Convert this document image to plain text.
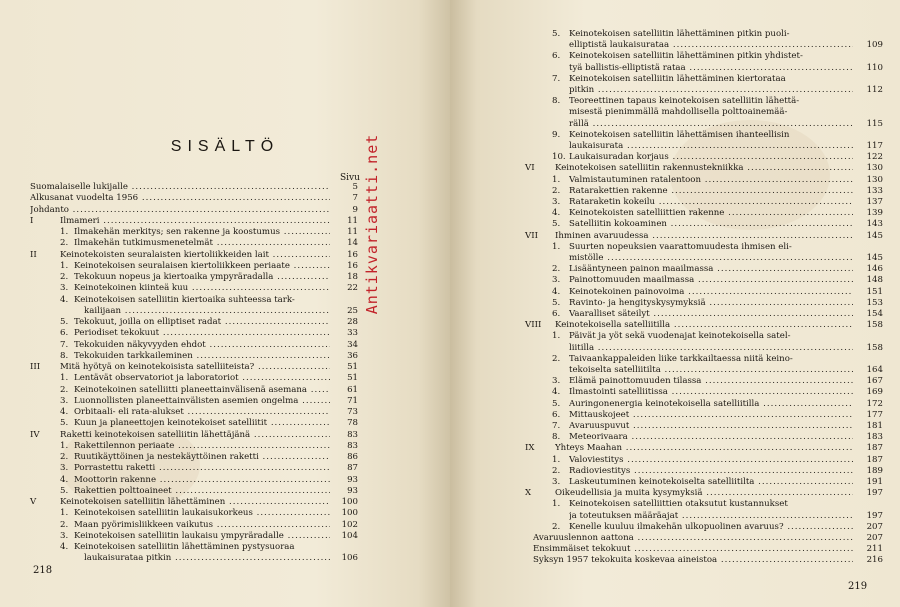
SISÄLTÖ
Sivu
Suomalaiselle lukijalle .....	5
Alkusanat vuodelta 1956 .....	7
Johdanto .....	9
I	Ilmameri .....	11
1. Ilmakehän merkitys; sen rakenne ja koostumus .....	11
2. Ilmakehän tutkimusmenetelmät .....	14
II	Keinotekoisten seuralaisten kiertoliikkeiden lait .....	16
1. Keinotekoisen seuralaisen kiertoliikkeen periaate .....	16
2. Tekokuun nopeus ja kiertoaika ympyräradalla .....	18
3. Keinotekoinen kiinteä kuu .....	22
4. Keinotekoisen satelliitin kiertoaika suhteessa tark-
kailijaan .....	25
5. Tekokuut, joilla on elliptiset radat .....	28
6. Periodiset tekokuut .....	33
7. Tekokuiden näkyvyyden ehdot .....	34
8. Tekokuiden tarkkaileminen .....	36
III Mitä hyötyä on keinotekoisista satelliiteista? .....	51
1. Lentävät observatoriot ja laboratoriot .....	51
2. Keinotekoinen satelliitti planeettainvälisenä asemana .....	61
3. Luonnollisten planeettainvälisten asemien ongelma .....	71
4. Orbitaali- eli rata-alukset .....	73
5. Kuun ja planeettojen keinotekoiset satelliitit .....	78
IV Raketti keinotekoisen satelliitin lähettäjänä .....	83
1. Rakettilennon periaate .....	83
2. Ruutikäyttöinen ja nestekäyttöinen raketti .....	86
3. Porrastettu raketti .....	87
4. Moottorin rakenne .....	93
5. Rakettien polttoaineet .....	93
V	Keinotekoisen satelliitin lähettäminen .....	100
1. Keinotekoisen satelliitin laukaisukorkeus .....	100
2. Maan pyörimisliikkeen vaikutus .....	102
3. Keinotekoisen satelliitin laukaisu ympyräradalle .....	104
4. Keinotekoisen satelliitin lähettäminen pystysuoraa
laukaisurataa pitkin .....	106
218
Antikvariaatti.net
5. Keinotekoisen satelliitin lähettäminen pitkin puoli-
elliptistä laukaisurataa .....	109
6. Keinotekoisen satelliitin lähettäminen pitkin yhdistet-
tyä ballistis-elliptistä rataa .....	110
7. Keinotekoisen satelliitin lähettäminen kiertorataa
pitkin .....	112
8. Teoreettinen tapaus keinotekoisen satelliitin lähettä-
misestä pienimmällä mahdollisella polttoainemää-
rällä .....	115
9. Keinotekoisen satelliitin lähettämisen ihanteellisin
laukaisurata .....	117
10. Laukaisuradan korjaus .....	122
VI Keinotekoisen satelliitin rakennustekniikka .....	130
1. Valmistautuminen ratalentoon .....	130
2. Ratarakettien rakenne .....	133
3. Rataraketin kokeilu .....	137
4. Keinotekoisten satelliittien rakenne .....	139
5. Satelliitin kokoaminen .....	143
VII Ihminen avaruudessa .....	145
1. Suurten nopeuksien vaarattomuudesta ihmisen eli-
mistölle .....	145
2. Lisääntyneen painon maailmassa .....	146
3. Painottomuuden maailmassa .....	148
4. Keinotekoinen painovoima .....	151
5. Ravinto- ja hengityskysymyksiä .....	153
6. Vaaralliset säteilyt .....	154
VIII Keinotekoisella satelliitilla .....	158
1. Päivät ja yöt sekä vuodenajat keinotekoisella satel-
liitilla .....	158
2. Taivaankappaleiden liike tarkkailtaessa niitä keino-
tekoiselta satelliitilta .....	164
3. Elämä painottomuuden tilassa .....	167
4. Ilmastointi satelliitissa .....	169
5. Auringonenergia keinotekoisella satelliitilla .....	172
6. Mittauskojeet .....	177
7. Avaruuspuvut .....	181
8. Meteorivaara .....	183
IX Yhteys Maahan .....	187
1. Valoviestitys .....	187
2. Radioviestitys .....	189
3. Laskeutuminen keinotekoiselta satelliitilta .....	191
X	Oikeudellisia ja muita kysymyksiä .....	197
1. Keinotekoisen satelliittien otaksutut kustannukset
ja toteutuksen määräajat .....	197
2. Kenelle kuuluu ilmakehän ulkopuolinen avaruus? .....	207
Avaruuslennon aattona .....	207
Ensimmäiset tekokuut .....	211
Syksyn 1957 tekokuita koskevaa aineistoa .....	216
219
